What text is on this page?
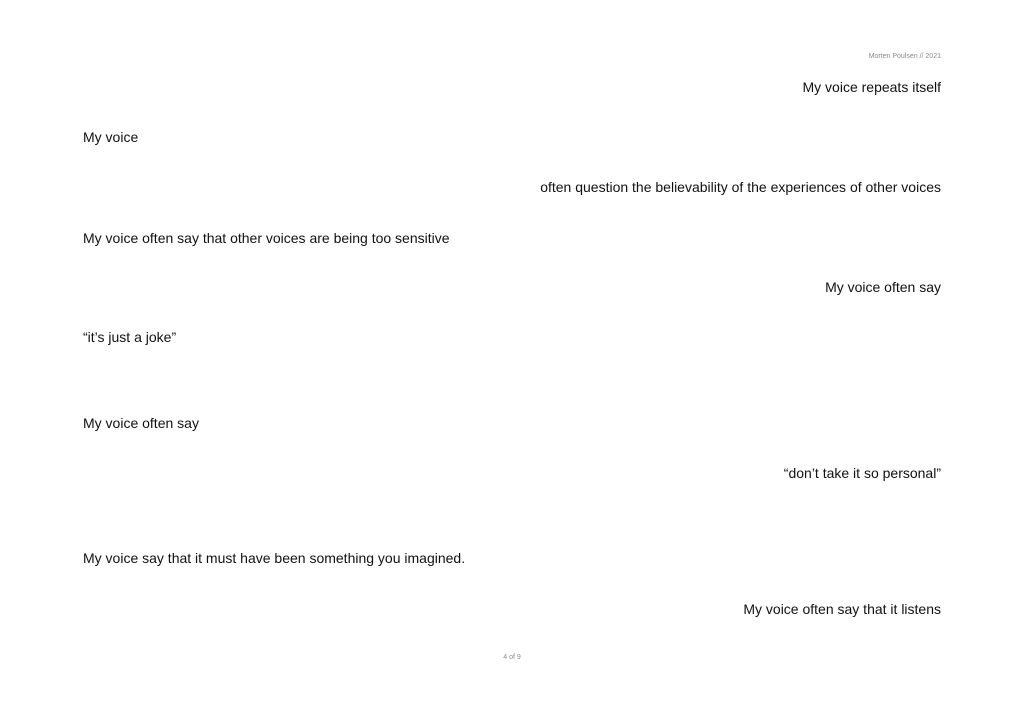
Morten Poulsen // 2021
My voice repeats itself
My voice
often question the believability of the experiences of other voices
My voice often say that other voices are being too sensitive
My voice often say
“it’s just a joke”
My voice often say
“don’t take it so personal”
My voice say that it must have been something you imagined.
My voice often say that it listens
4 of 9
